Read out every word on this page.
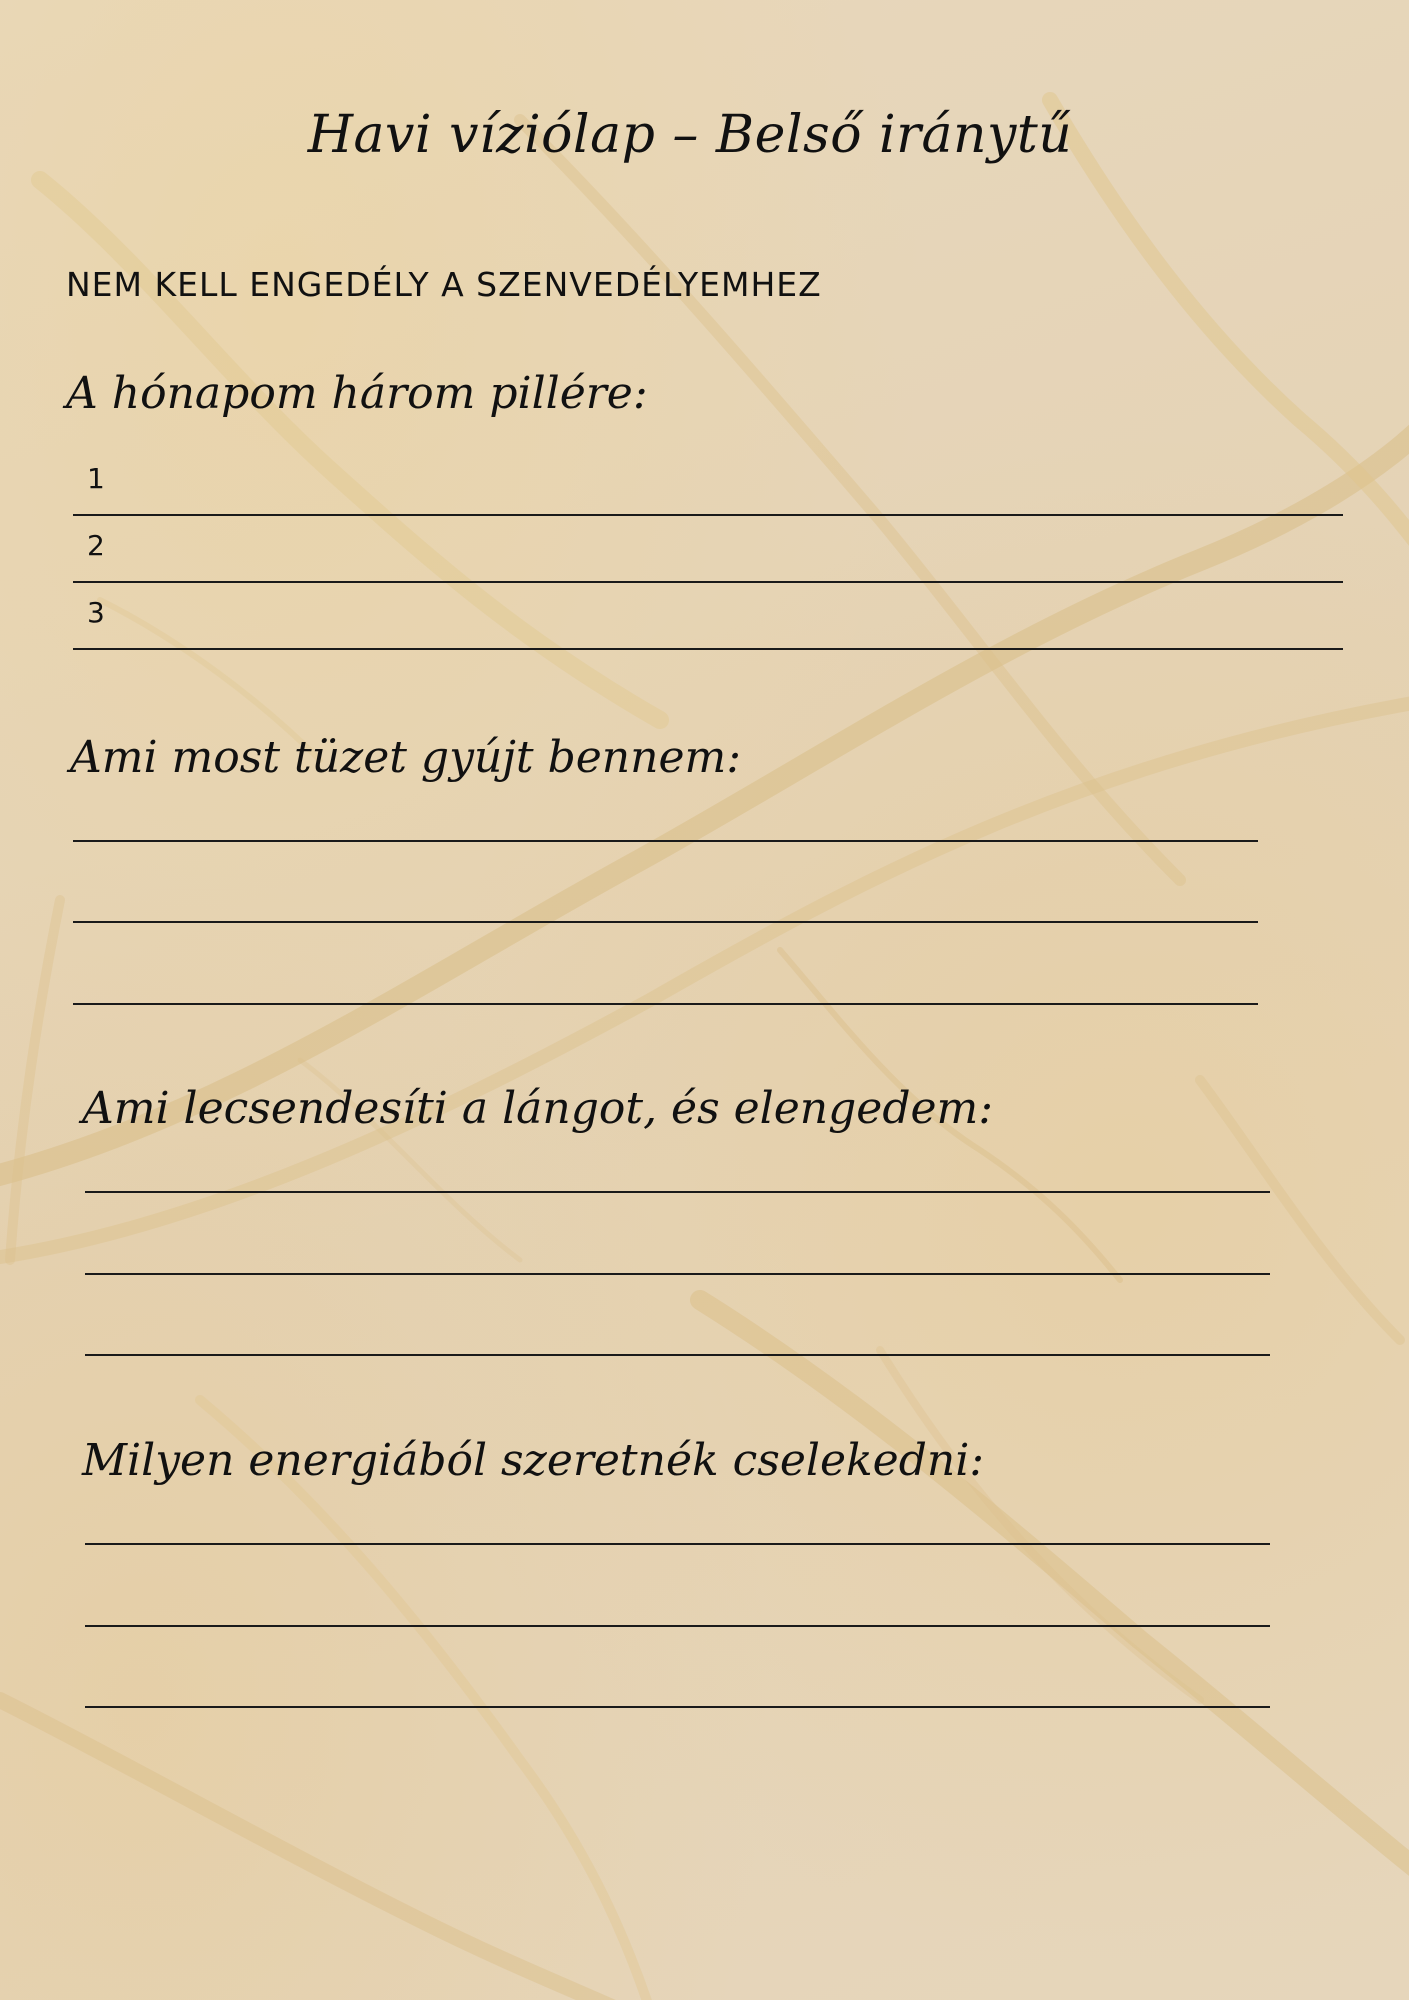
Havi vízió​lap – Belső iránytű
NEM KELL ENGEDÉLY A SZENVEDÉLYEMHEZ
A hónapom három pillére:
1
2
3
Ami most tüzet gyújt bennem:
Ami lecsendesíti a lángot, és elengedem:
Milyen energiából szeretnék cselekedni:
